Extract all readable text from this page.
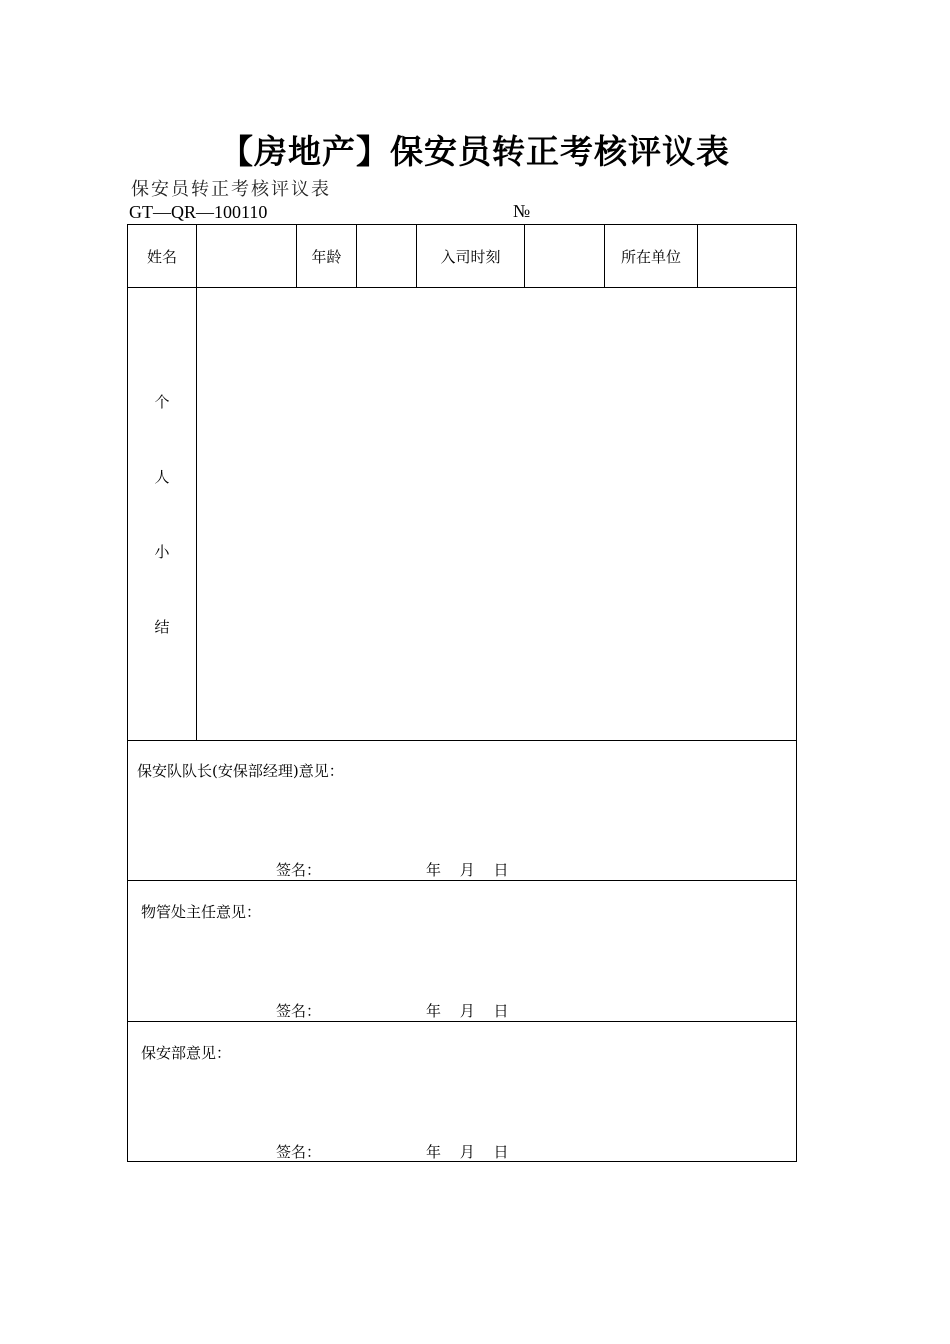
【房地产】保安员转正考核评议表
保安员转正考核评议表
GT—QR—100110	№
姓名	年龄	入司时刻	所在单位
个
人
小
结
保安队队长(安保部经理)意见：
签名：	年 月 日
物管处主任意见：
签名：	年 月 日
保安部意见：
签名：	年 月 日
